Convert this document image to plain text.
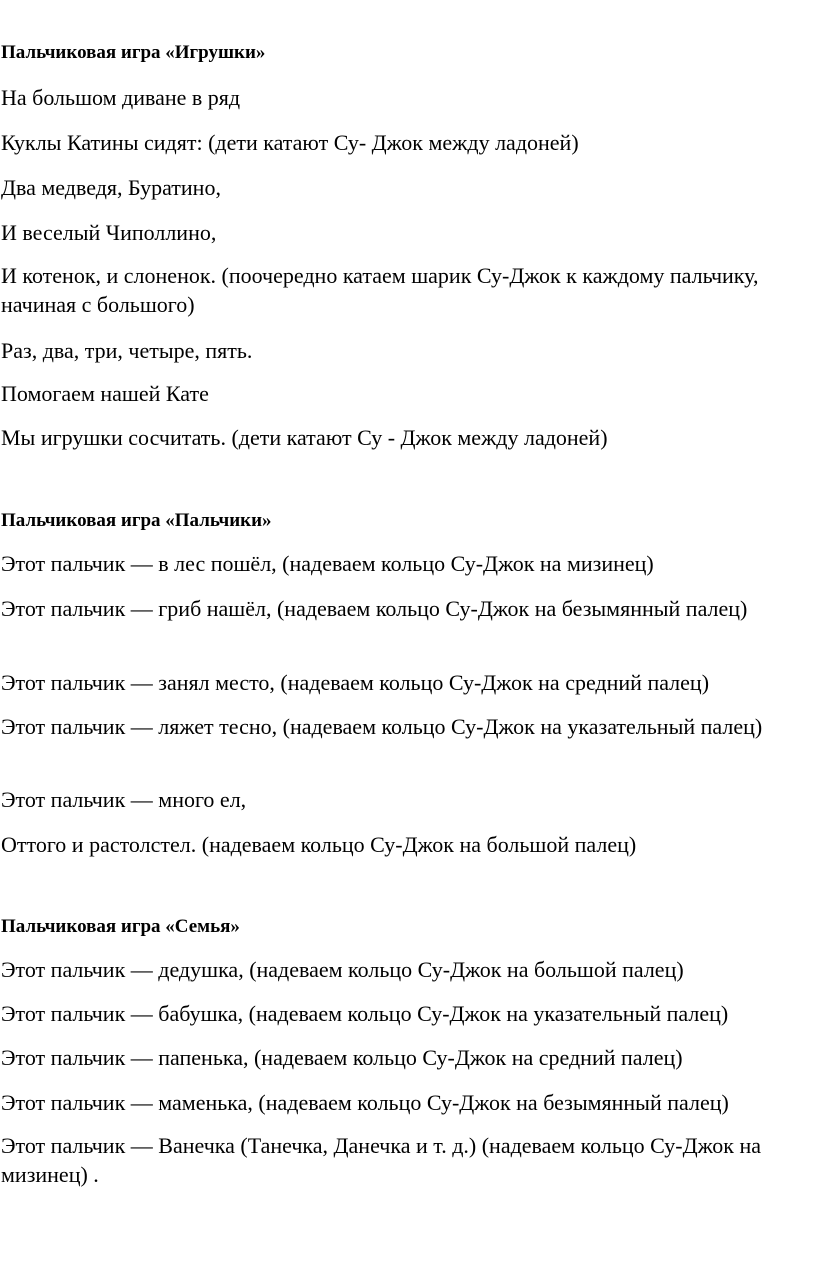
Пальчиковая игра «Игрушки»
На большом диване в ряд
Куклы Катины сидят: (дети катают Су- Джок между ладоней)
Два медведя, Буратино,
И веселый Чиполлино,
И котенок, и слоненок. (поочередно катаем шарик Су-Джок к каждому пальчику, начиная с большого)
Раз, два, три, четыре, пять.
Помогаем нашей Кате
Мы игрушки сосчитать. (дети катают Су - Джок между ладоней)
Пальчиковая игра «Пальчики»
Этот пальчик — в лес пошёл, (надеваем кольцо Су-Джок на мизинец)
Этот пальчик — гриб нашёл, (надеваем кольцо Су-Джок на безымянный палец)
Этот пальчик — занял место, (надеваем кольцо Су-Джок на средний палец)
Этот пальчик — ляжет тесно, (надеваем кольцо Су-Джок на указательный палец)
Этот пальчик — много ел,
Оттого и растолстел. (надеваем кольцо Су-Джок на большой палец)
Пальчиковая игра «Семья»
Этот пальчик — дедушка, (надеваем кольцо Су-Джок на большой палец)
Этот пальчик — бабушка, (надеваем кольцо Су-Джок на указательный палец)
Этот пальчик — папенька, (надеваем кольцо Су-Джок на средний палец)
Этот пальчик — маменька, (надеваем кольцо Су-Джок на безымянный палец)
Этот пальчик — Ванечка (Танечка, Данечка и т. д.) (надеваем кольцо Су-Джок на мизинец) .
